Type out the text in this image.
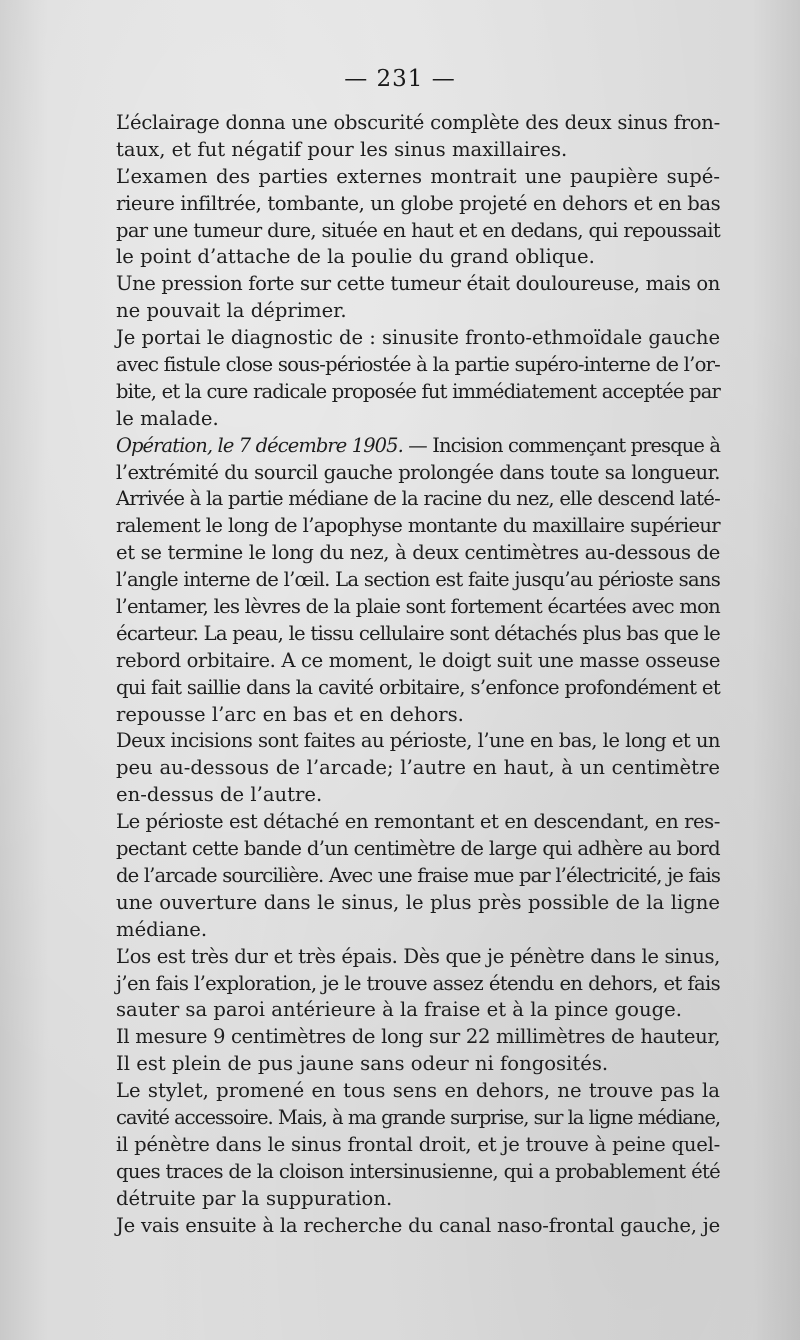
— 231 —
L’éclairage donna une obscurité complète des deux sinus fron-
taux, et fut négatif pour les sinus maxillaires.
L’examen des parties externes montrait une paupière supé-
rieure infiltrée, tombante, un globe projeté en dehors et en bas
par une tumeur dure, située en haut et en dedans, qui repoussait
le point d’attache de la poulie du grand oblique.
Une pression forte sur cette tumeur était douloureuse, mais on
ne pouvait la déprimer.
Je portai le diagnostic de : sinusite fronto-ethmoïdale gauche
avec fistule close sous-périostée à la partie supéro-interne de l’or-
bite, et la cure radicale proposée fut immédiatement acceptée par
le malade.
Opération, le 7 décembre 1905. — Incision commençant presque à
l’extrémité du sourcil gauche prolongée dans toute sa longueur.
Arrivée à la partie médiane de la racine du nez, elle descend laté-
ralement le long de l’apophyse montante du maxillaire supérieur
et se termine le long du nez, à deux centimètres au-dessous de
l’angle interne de l’œil. La section est faite jusqu’au périoste sans
l’entamer, les lèvres de la plaie sont fortement écartées avec mon
écarteur. La peau, le tissu cellulaire sont détachés plus bas que le
rebord orbitaire. A ce moment, le doigt suit une masse osseuse
qui fait saillie dans la cavité orbitaire, s’enfonce profondément et
repousse l’arc en bas et en dehors.
Deux incisions sont faites au périoste, l’une en bas, le long et un
peu au-dessous de l’arcade; l’autre en haut, à un centimètre
en-dessus de l’autre.
Le périoste est détaché en remontant et en descendant, en res-
pectant cette bande d’un centimètre de large qui adhère au bord
de l’arcade sourcilière. Avec une fraise mue par l’électricité, je fais
une ouverture dans le sinus, le plus près possible de la ligne
médiane.
L’os est très dur et très épais. Dès que je pénètre dans le sinus,
j’en fais l’exploration, je le trouve assez étendu en dehors, et fais
sauter sa paroi antérieure à la fraise et à la pince gouge.
Il mesure 9 centimètres de long sur 22 millimètres de hauteur,
Il est plein de pus jaune sans odeur ni fongosités.
Le stylet, promené en tous sens en dehors, ne trouve pas la
cavité accessoire. Mais, à ma grande surprise, sur la ligne médiane,
il pénètre dans le sinus frontal droit, et je trouve à peine quel-
ques traces de la cloison intersinusienne, qui a probablement été
détruite par la suppuration.
Je vais ensuite à la recherche du canal naso-frontal gauche, je
